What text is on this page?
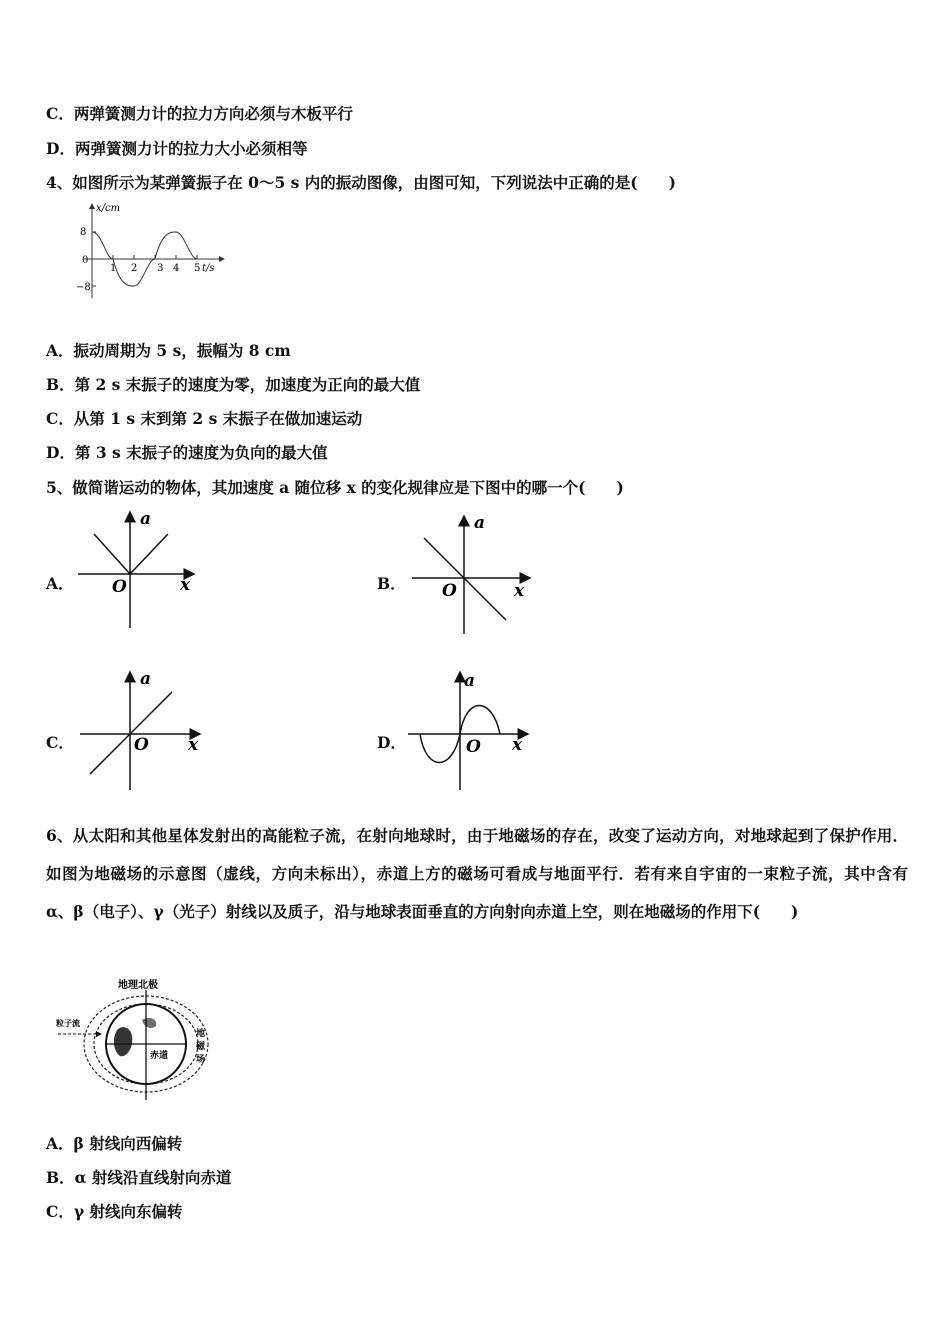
C．两弹簧测力计的拉力方向必须与木板平行
D．两弹簧测力计的拉力大小必须相等
4、如图所示为某弹簧振子在 0～5 s 内的振动图像，由图可知，下列说法中正确的是(　　)
x/cm
t/s
8
0
−8
1 2 3 4 5
A．振动周期为 5 s，振幅为 8 cm
B．第 2 s 末振子的速度为零，加速度为正向的最大值
C．从第 1 s 末到第 2 s 末振子在做加速运动
D．第 3 s 末振子的速度为负向的最大值
5、做简谐运动的物体，其加速度 a 随位移 x 的变化规律应是下图中的哪一个(　　)
A．
a
x
O	B．
a
x
O
C．
a
x
O	D．
a
x
O
6、从太阳和其他星体发射出的高能粒子流，在射向地球时，由于地磁场的存在，改变了运动方向，对地球起到了保护作用．如图为地磁场的示意图（虚线，方向未标出），赤道上方的磁场可看成与地面平行．若有来自宇宙的一束粒子流，其中含有 α、β（电子）、γ（光子）射线以及质子，沿与地球表面垂直的方向射向赤道上空，则在地磁场的作用下(　　)
地理北极
粒子流
地
磁
场
赤道
A．β 射线向西偏转
B．α 射线沿直线射向赤道
C．γ 射线向东偏转
